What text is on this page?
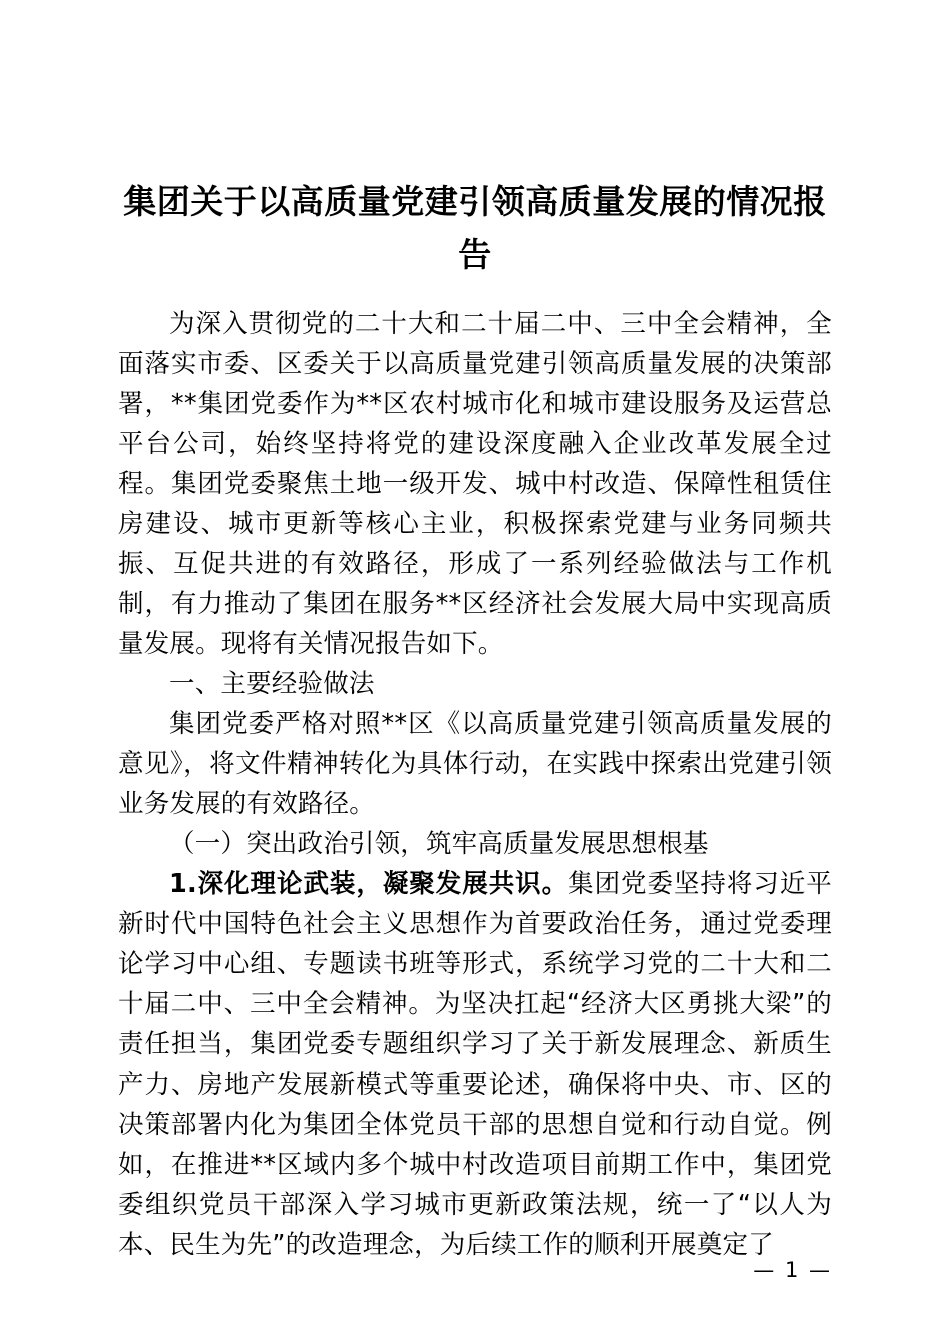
集团关于以高质量党建引领高质量发展的情况报告

为深入贯彻党的二十大和二十届二中、三中全会精神，全面落实市委、区委关于以高质量党建引领高质量发展的决策部署，**集团党委作为**区农村城市化和城市建设服务及运营总平台公司，始终坚持将党的建设深度融入企业改革发展全过程。集团党委聚焦土地一级开发、城中村改造、保障性租赁住房建设、城市更新等核心主业，积极探索党建与业务同频共振、互促共进的有效路径，形成了一系列经验做法与工作机制，有力推动了集团在服务**区经济社会发展大局中实现高质量发展。现将有关情况报告如下。

一、主要经验做法

集团党委严格对照**区《以高质量党建引领高质量发展的意见》，将文件精神转化为具体行动，在实践中探索出党建引领业务发展的有效路径。

（一）突出政治引领，筑牢高质量发展思想根基

1.深化理论武装，凝聚发展共识。集团党委坚持将习近平新时代中国特色社会主义思想作为首要政治任务，通过党委理论学习中心组、专题读书班等形式，系统学习党的二十大和二十届二中、三中全会精神。为坚决扛起“经济大区勇挑大梁”的责任担当，集团党委专题组织学习了关于新发展理念、新质生产力、房地产发展新模式等重要论述，确保将中央、市、区的决策部署内化为集团全体党员干部的思想自觉和行动自觉。例如，在推进**区域内多个城中村改造项目前期工作中，集团党委组织党员干部深入学习城市更新政策法规，统一了“以人为本、民生为先”的改造理念，为后续工作的顺利开展奠定了

— 1 —
